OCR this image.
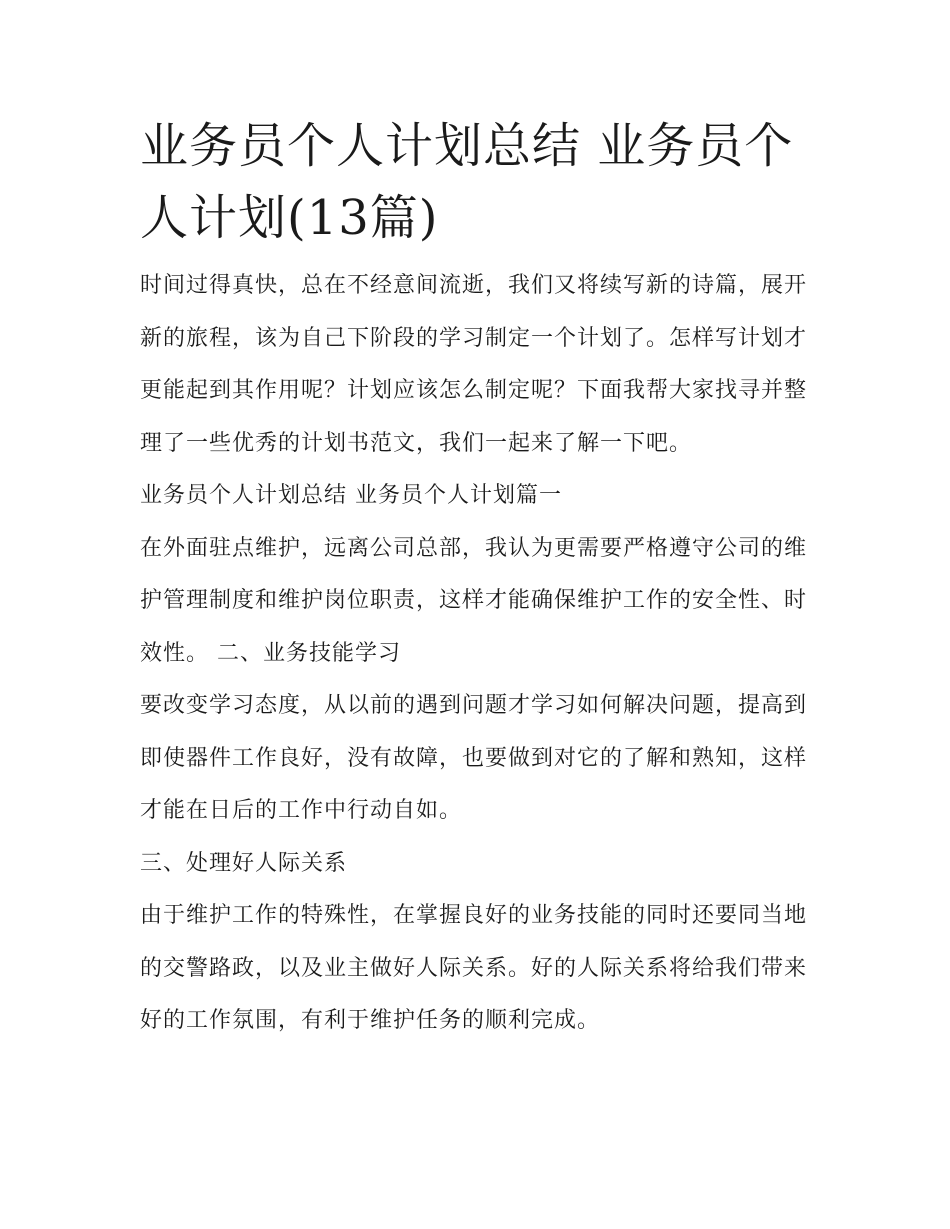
业务员个人计划总结 业务员个人计划(13篇)

时间过得真快，总在不经意间流逝，我们又将续写新的诗篇，展开新的旅程，该为自己下阶段的学习制定一个计划了。怎样写计划才更能起到其作用呢？计划应该怎么制定呢？下面我帮大家找寻并整理了一些优秀的计划书范文，我们一起来了解一下吧。

业务员个人计划总结 业务员个人计划篇一

在外面驻点维护，远离公司总部，我认为更需要严格遵守公司的维护管理制度和维护岗位职责，这样才能确保维护工作的安全性、时效性。 二、业务技能学习

要改变学习态度，从以前的遇到问题才学习如何解决问题，提高到即使器件工作良好，没有故障，也要做到对它的了解和熟知，这样才能在日后的工作中行动自如。

三、处理好人际关系

由于维护工作的特殊性，在掌握良好的业务技能的同时还要同当地的交警路政，以及业主做好人际关系。好的人际关系将给我们带来好的工作氛围，有利于维护任务的顺利完成。
